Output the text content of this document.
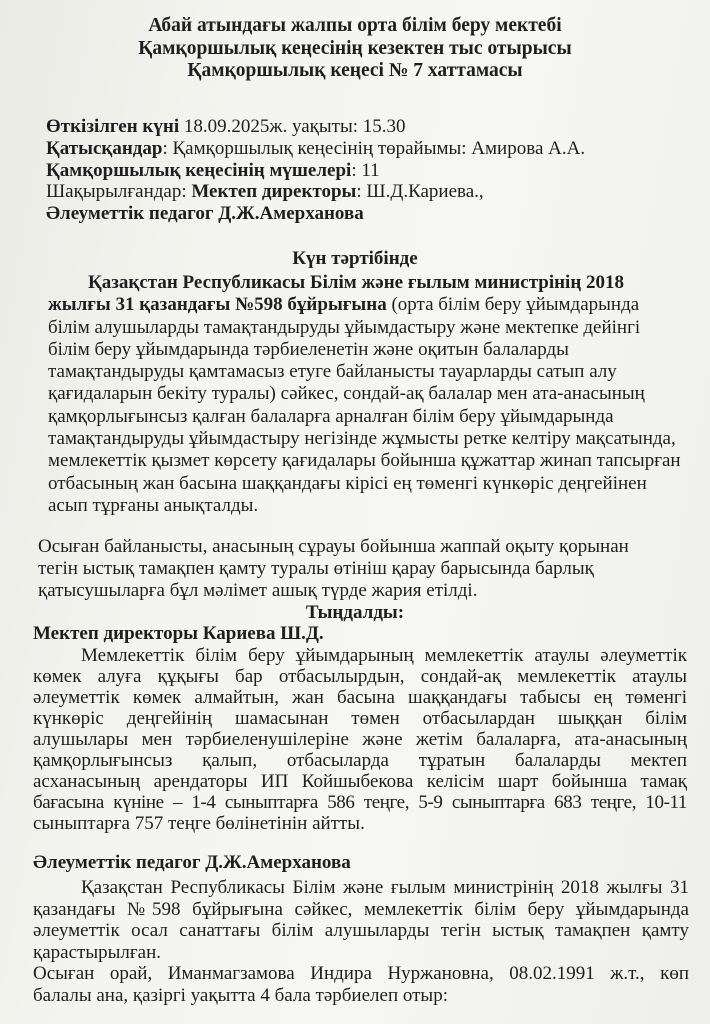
Абай атындағы жалпы орта білім беру мектебі
Қамқоршылық кеңесінің кезектен тыс отырысы
Қамқоршылық кеңесі № 7 хаттамасы
Өткізілген күні 18.09.2025ж. уақыты: 15.30
Қатысқандар: Қамқоршылық кеңесінің төрайымы: Амирова А.А.
Қамқоршылық кеңесінің мүшелері: 11
Шақырылғандар: Мектеп директоры: Ш.Д.Кариева.,
Әлеуметтік педагог Д.Ж.Амерханова
Күн тәртібінде
Қазақстан Республикасы Білім және ғылым министрінің 2018
жылғы 31 қазандағы №598 бұйрығына (орта білім беру ұйымдарында
білім алушыларды тамақтандыруды ұйымдастыру және мектепке дейінгі
білім беру ұйымдарында тәрбиеленетін және оқитын балаларды
тамақтандыруды қамтамасыз етуге байланысты тауарларды сатып алу
қағидаларын бекіту туралы) сәйкес, сондай-ақ балалар мен ата-анасының
қамқорлығынсыз қалған балаларға арналған білім беру ұйымдарында
тамақтандыруды ұйымдастыру негізінде жұмысты ретке келтіру мақсатында,
мемлекеттік қызмет көрсету қағидалары бойынша құжаттар жинап тапсырған
отбасының жан басына шаққандағы кірісі ең төменгі күнкөріс деңгейінен
асып тұрғаны анықталды.
Осыған байланысты, анасының сұрауы бойынша жаппай оқыту қорынан
тегін ыстық тамақпен қамту туралы өтініш қарау барысында барлық
қатысушыларға бұл мәлімет ашық түрде жария етілді.
Тыңдалды:
Мектеп директоры Кариева Ш.Д.
Мемлекеттік білім беру ұйымдарының мемлекеттік атаулы әлеуметтік
көмек алуға құқығы бар отбасылырдын, сондай-ақ мемлекеттік атаулы
әлеуметтік көмек алмайтын, жан басына шаққандағы табысы ең төменгі
күнкөріс деңгейінің шамасынан төмен отбасылардан шыққан білім
алушылары мен тәрбиеленушілеріне және жетім балаларға, ата-анасының
қамқорлығынсыз қалып, отбасыларда тұратын балаларды мектеп
асханасының арендаторы ИП Койшыбекова келісім шарт бойынша тамақ
бағасына күніне – 1-4 сыныптарға 586 теңге, 5-9 сыныптарға 683 теңге, 10-11
сыныптарға 757 теңге бөлінетінін айтты.
Әлеуметтік педагог Д.Ж.Амерханова
Қазақстан Республикасы Білім және ғылым министрінің 2018 жылғы 31
қазандағы №598 бұйрығына сәйкес, мемлекеттік білім беру ұйымдарында
әлеуметтік осал санаттағы білім алушыларды тегін ыстық тамақпен қамту
қарастырылған.
Осыған орай, Иманмагзамова Индира Нуржановна, 08.02.1991 ж.т., көп
балалы ана, қазіргі уақытта 4 бала тәрбиелеп отыр:
